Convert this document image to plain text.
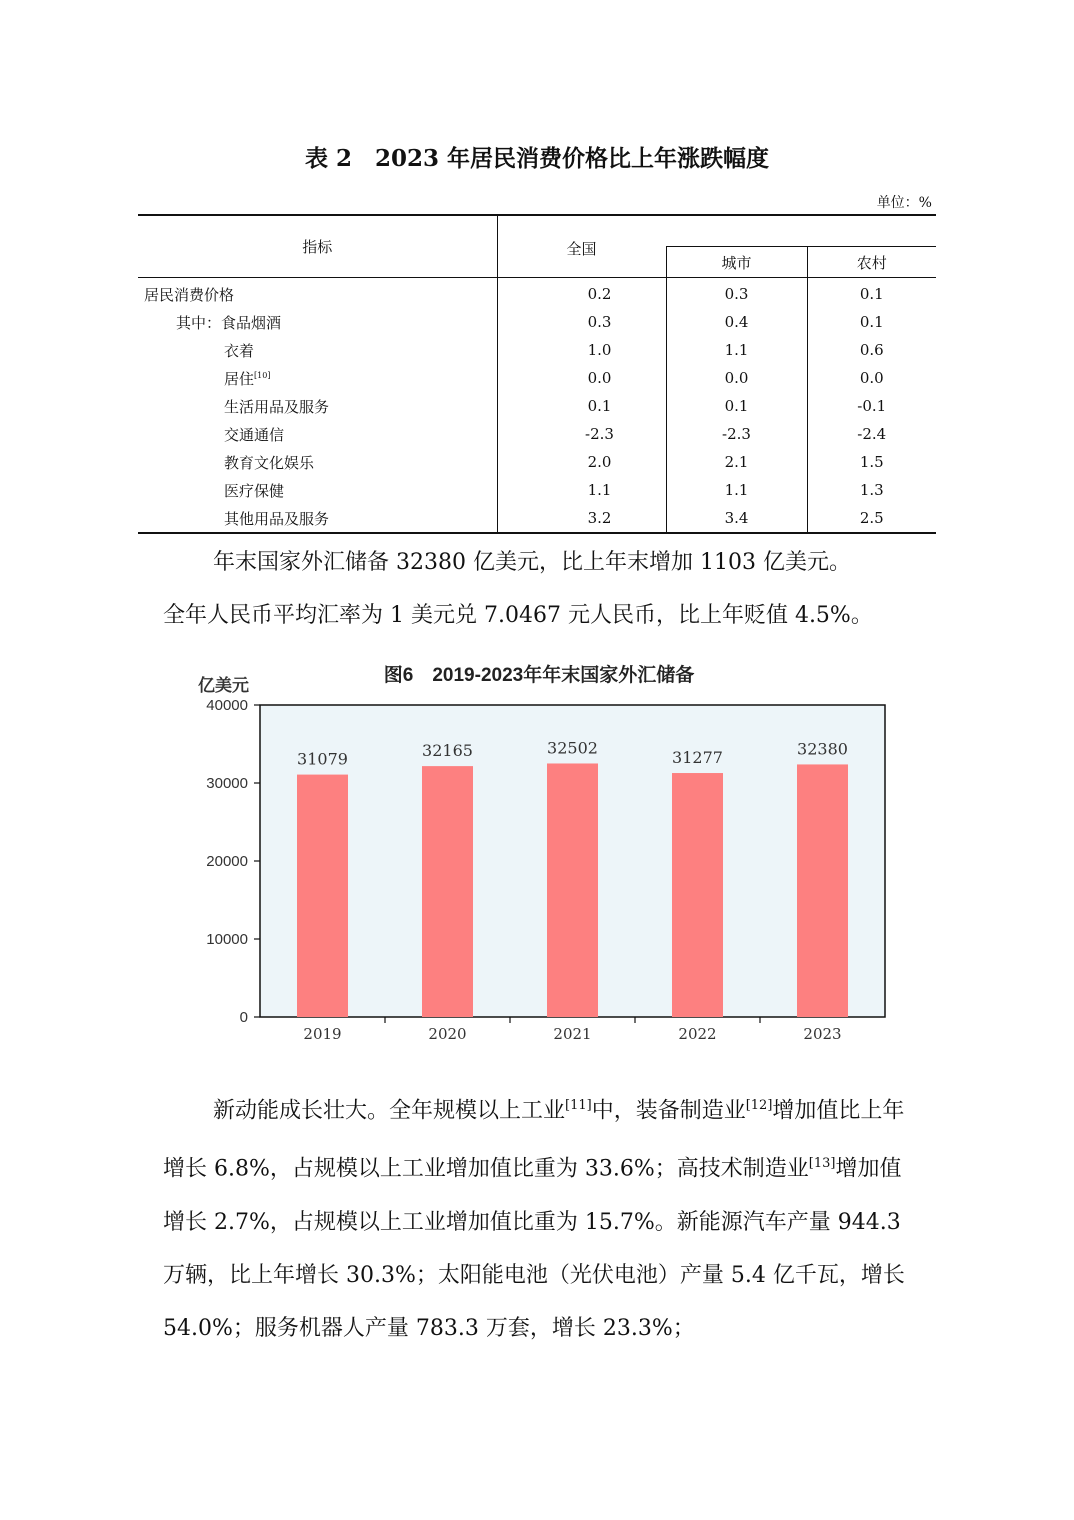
表 2　2023 年居民消费价格比上年涨跌幅度
单位：%
指标	全国		
		城市	农村
居民消费价格	0.2	0.3	0.1
其中：食品烟酒	0.3	0.4	0.1
衣着	1.0	1.1	0.6
居住[10]	0.0	0.0	0.0
生活用品及服务	0.1	0.1	-0.1
交通通信	-2.3	-2.3	-2.4
教育文化娱乐	2.0	2.1	1.5
医疗保健	1.1	1.1	1.3
其他用品及服务	3.2	3.4	2.5

年末国家外汇储备 32380 亿美元，比上年末增加 1103 亿美元。

全年人民币平均汇率为 1 美元兑 7.0467 元人民币，比上年贬值 4.5%。

图6　2019-2023年年末国家外汇储备
亿美元
0
10000
20000
30000
40000
31079
2019
32165
2020
32502
2021
31277
2022
32380
2023

新动能成长壮大。全年规模以上工业[11]中，装备制造业[12]增加值比上年增长 6.8%，占规模以上工业增加值比重为 33.6%；高技术制造业[13]增加值增长 2.7%，占规模以上工业增加值比重为 15.7%。新能源汽车产量 944.3 万辆，比上年增长 30.3%；太阳能电池（光伏电池）产量 5.4 亿千瓦，增长 54.0%；服务机器人产量 783.3 万套，增长 23.3%；
